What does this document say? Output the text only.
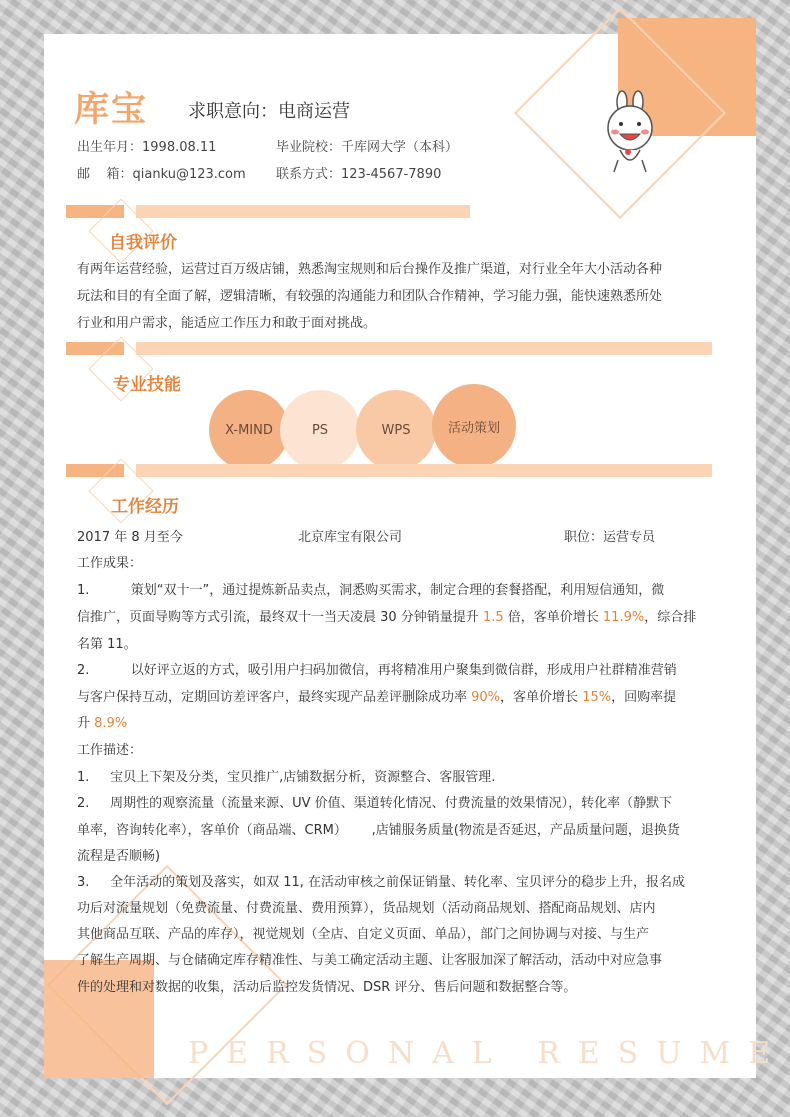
库宝 求职意向：电商运营
出生年月：1998.08.11	毕业院校：千库网大学（本科）
邮    箱：qianku@123.com 联系方式：123-4567-7890
自我评价
有两年运营经验，运营过百万级店铺，熟悉淘宝规则和后台操作及推广渠道，对行业全年大小活动各种
玩法和目的有全面了解，逻辑清晰，有较强的沟通能力和团队合作精神，学习能力强，能快速熟悉所处
行业和用户需求，能适应工作压力和敢于面对挑战。
专业技能
X-MIND	PS	WPS	活动策划
工作经历
2017 年 8 月至今	北京库宝有限公司	职位：运营专员
工作成果：
1.          策划“双十一”，通过提炼新品卖点，洞悉购买需求，制定合理的套餐搭配，利用短信通知，微
信推广，页面导购等方式引流，最终双十一当天凌晨 30 分钟销量提升 1.5 倍，客单价增长 11.9%，综合排
名第 11。
2.          以好评立返的方式，吸引用户扫码加微信，再将精准用户聚集到微信群，形成用户社群精准营销
与客户保持互动，定期回访差评客户，最终实现产品差评删除成功率 90%，客单价增长 15%，回购率提
升 8.9%
工作描述：
1.     宝贝上下架及分类，宝贝推广,店铺数据分析，资源整合、客服管理.
2.     周期性的观察流量（流量来源、UV 价值、渠道转化情况、付费流量的效果情况），转化率（静默下
单率，咨询转化率），客单价（商品端、CRM）      ,店铺服务质量(物流是否延迟，产品质量问题，退换货
流程是否顺畅)
3.     全年活动的策划及落实，如双 11, 在活动审核之前保证销量、转化率、宝贝评分的稳步上升，报名成
功后对流量规划（免费流量、付费流量、费用预算），货品规划（活动商品规划、搭配商品规划、店内
其他商品互联、产品的库存），视觉规划（全店、自定义页面、单品），部门之间协调与对接、与生产
了解生产周期、与仓储确定库存精准性、与美工确定活动主题、让客服加深了解活动，活动中对应急事
件的处理和对数据的收集，活动后监控发货情况、DSR 评分、售后问题和数据整合等。
PERSONAL RESUME
